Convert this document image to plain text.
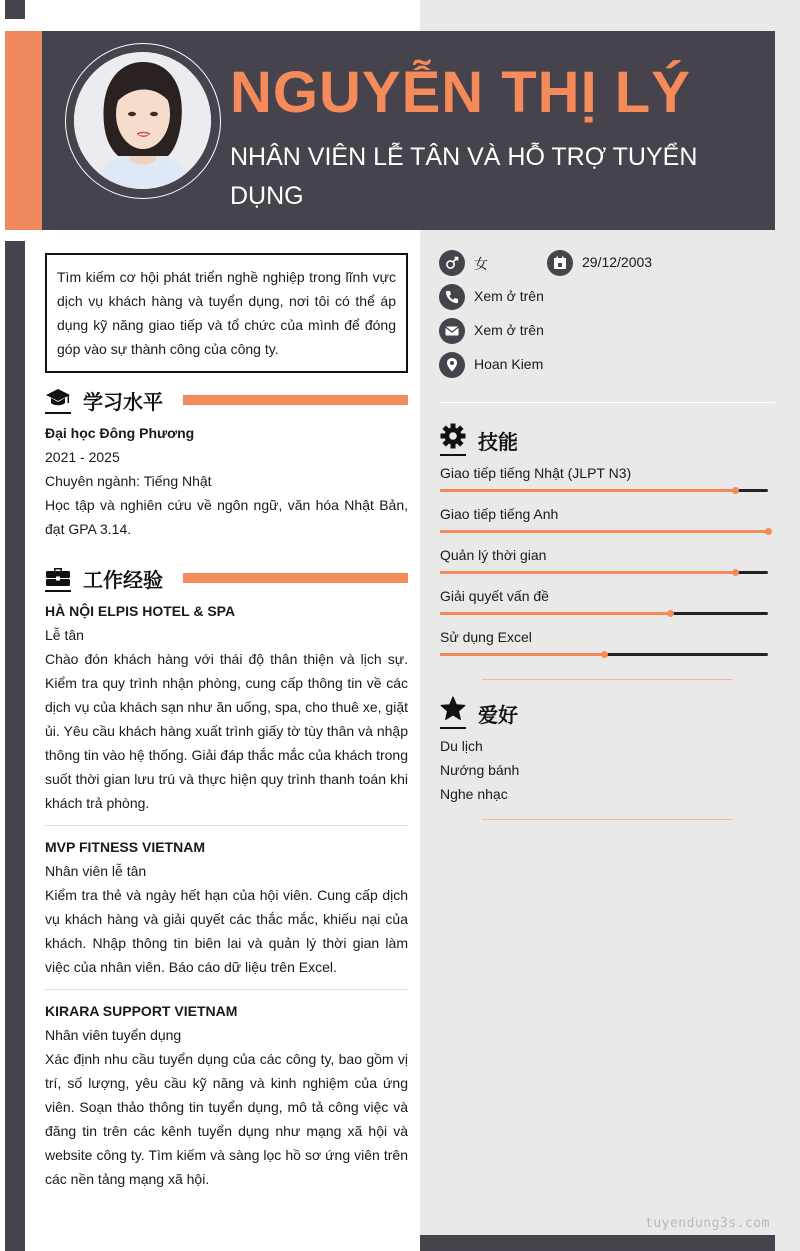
NGUYỄN THỊ LÝ
NHÂN VIÊN LỄ TÂN VÀ HỖ TRỢ TUYỂN DỤNG
Tìm kiếm cơ hội phát triển nghề nghiệp trong lĩnh vực dịch vụ khách hàng và tuyển dụng, nơi tôi có thể áp dụng kỹ năng giao tiếp và tổ chức của mình để đóng góp vào sự thành công của công ty.
学习水平
Đại học Đông Phương
2021 - 2025
Chuyên ngành: Tiếng Nhật
Học tập và nghiên cứu về ngôn ngữ, văn hóa Nhật Bản, đạt GPA 3.14.
工作经验
HÀ NỘI ELPIS HOTEL & SPA
Lễ tân
Chào đón khách hàng với thái độ thân thiện và lịch sự. Kiểm tra quy trình nhận phòng, cung cấp thông tin về các dịch vụ của khách sạn như ăn uống, spa, cho thuê xe, giặt ủi. Yêu cầu khách hàng xuất trình giấy tờ tùy thân và nhập thông tin vào hệ thống. Giải đáp thắc mắc của khách trong suốt thời gian lưu trú và thực hiện quy trình thanh toán khi khách trả phòng.
MVP FITNESS VIETNAM
Nhân viên lễ tân
Kiểm tra thẻ và ngày hết hạn của hội viên. Cung cấp dịch vụ khách hàng và giải quyết các thắc mắc, khiếu nại của khách. Nhập thông tin biên lai và quản lý thời gian làm việc của nhân viên. Báo cáo dữ liệu trên Excel.
KIRARA SUPPORT VIETNAM
Nhân viên tuyển dụng
Xác định nhu cầu tuyển dụng của các công ty, bao gồm vị trí, số lượng, yêu cầu kỹ năng và kinh nghiệm của ứng viên. Soạn thảo thông tin tuyển dụng, mô tả công việc và đăng tin trên các kênh tuyển dụng như mạng xã hội và website công ty. Tìm kiếm và sàng lọc hồ sơ ứng viên trên các nền tảng mạng xã hội.
女	29/12/2003
Xem ở trên
Xem ở trên
Hoan Kiem
技能
Giao tiếp tiếng Nhật (JLPT N3)
Giao tiếp tiếng Anh
Quản lý thời gian
Giải quyết vấn đề
Sử dụng Excel
爱好
Du lịch
Nướng bánh
Nghe nhạc
tuyendung3s.com
